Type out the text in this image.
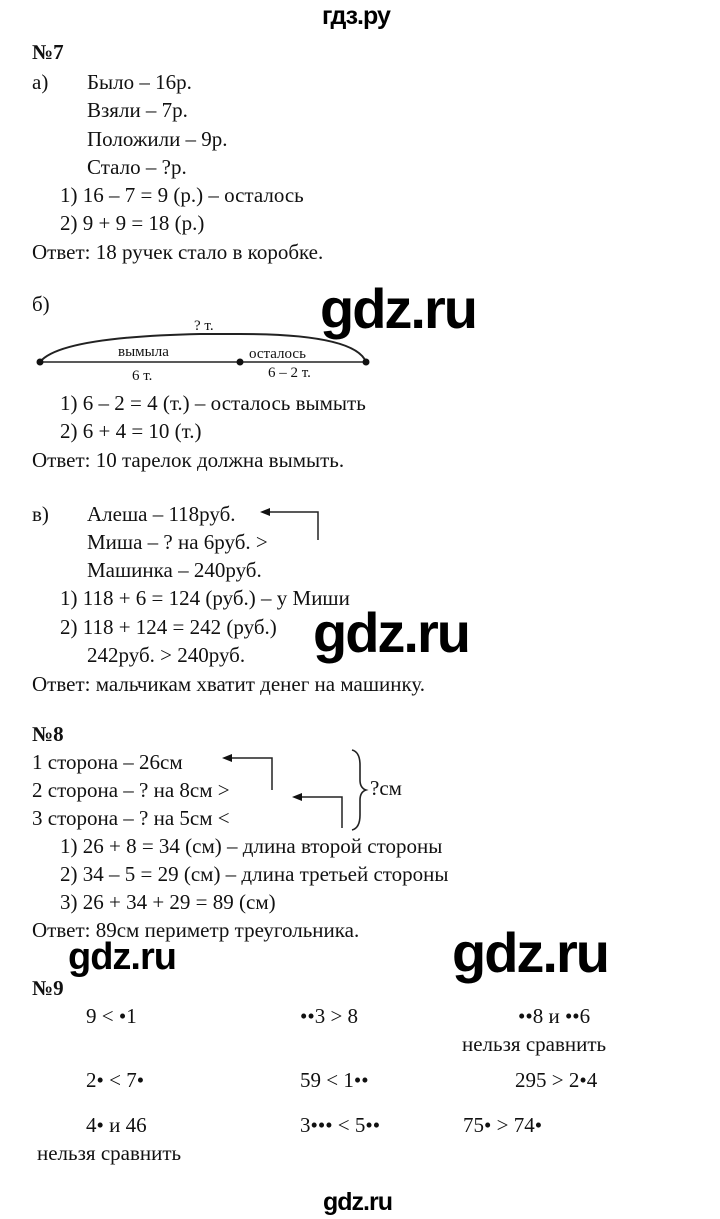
гдз.ру
№7
а) Было – 16р.
Взяли – 7р.
Положили – 9р.
Стало – ?р.
1) 16 – 7 = 9 (р.) – осталось
2) 9 + 9 = 18 (р.)
Ответ: 18 ручек стало в коробке.
б)	gdz.ru
? т.
вымыла	осталось
6 т.	6 – 2 т.
1) 6 – 2 = 4 (т.) – осталось вымыть
2) 6 + 4 = 10 (т.)
Ответ: 10 тарелок должна вымыть.
в) Алеша – 118руб.
Миша – ? на 6руб. >
Машинка – 240руб.
1) 118 + 6 = 124 (руб.) – у Миши
2) 118 + 124 = 242 (руб.)
242руб. > 240руб. gdz.ru
Ответ: мальчикам хватит денег на машинку.
№8
1 сторона – 26см
2 сторона – ? на 8см >
3 сторона – ? на 5см <
?см
1) 26 + 8 = 34 (см) – длина второй стороны
2) 34 – 5 = 29 (см) – длина третьей стороны
3) 26 + 34 + 29 = 89 (см)
Ответ: 89см периметр треугольника.
gdz.ru	gdz.ru
№9
9 < •1	••3 > 8	••8 и ••6
нельзя сравнить
2• < 7•	59 < 1••	295 > 2•4
4• и 46	3••• < 5••	75• > 74•
нельзя сравнить
gdz.ru
